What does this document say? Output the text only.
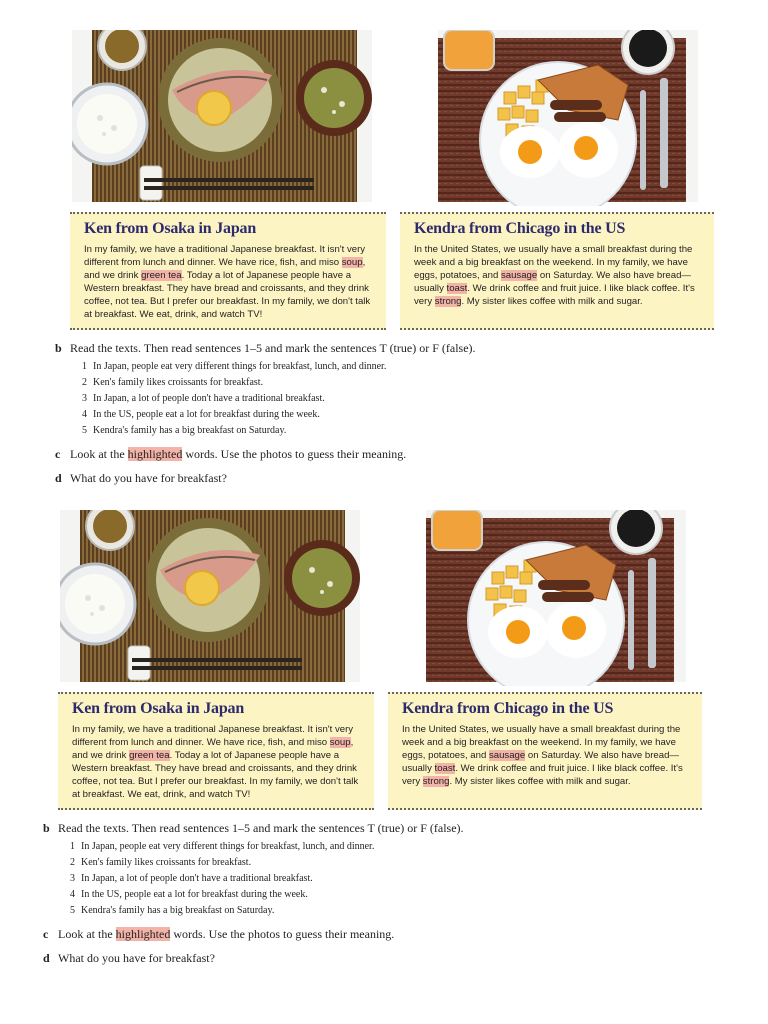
Ken from Osaka in Japan

In my family, we have a traditional Japanese breakfast. It isn't very different from lunch and dinner. We have rice, fish, and miso soup, and we drink green tea. Today a lot of Japanese people have a Western breakfast. They have bread and croissants, and they drink coffee, not tea. But I prefer our breakfast. In my family, we don't talk at breakfast. We eat, drink, and watch TV!

Kendra from Chicago in the US

In the United States, we usually have a small breakfast during the week and a big breakfast on the weekend. In my family, we have eggs, potatoes, and sausage on Saturday. We also have bread—usually toast. We drink coffee and fruit juice. I like black coffee. It's very strong. My sister likes coffee with milk and sugar.

b Read the texts. Then read sentences 1–5 and mark the sentences T (true) or F (false).

1 In Japan, people eat very different things for breakfast, lunch, and dinner.
2 Ken's family likes croissants for breakfast.
3 In Japan, a lot of people don't have a traditional breakfast.
4 In the US, people eat a lot for breakfast during the week.
5 Kendra's family has a big breakfast on Saturday.

c Look at the highlighted words. Use the photos to guess their meaning.

d What do you have for breakfast?

Ken from Osaka in Japan

In my family, we have a traditional Japanese breakfast. It isn't very different from lunch and dinner. We have rice, fish, and miso soup, and we drink green tea. Today a lot of Japanese people have a Western breakfast. They have bread and croissants, and they drink coffee, not tea. But I prefer our breakfast. In my family, we don't talk at breakfast. We eat, drink, and watch TV!

Kendra from Chicago in the US

In the United States, we usually have a small breakfast during the week and a big breakfast on the weekend. In my family, we have eggs, potatoes, and sausage on Saturday. We also have bread—usually toast. We drink coffee and fruit juice. I like black coffee. It's very strong. My sister likes coffee with milk and sugar.

b Read the texts. Then read sentences 1–5 and mark the sentences T (true) or F (false).

1 In Japan, people eat very different things for breakfast, lunch, and dinner.
2 Ken's family likes croissants for breakfast.
3 In Japan, a lot of people don't have a traditional breakfast.
4 In the US, people eat a lot for breakfast during the week.
5 Kendra's family has a big breakfast on Saturday.

c Look at the highlighted words. Use the photos to guess their meaning.

d What do you have for breakfast?
